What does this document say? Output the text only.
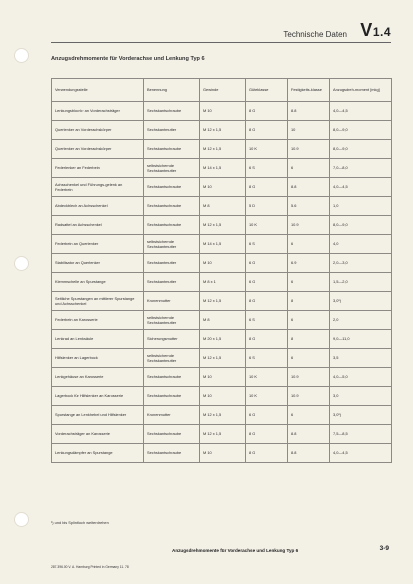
Technische Daten V1.4
Anzugsdrehmomente für Vorderachse und Lenkung Typ 6
Verwendungsstelle	Benennung	Gewinde	Güteklasse	Festigkeits-klasse	Anzugsdreh-moment [mkg]
Lenkungsbloc‹k› an Vorderachsträger	Sechskantschraube	M 10	8 G	8.8	4,0—4,5
Querlenker an Vorderachskörper	Sechskantmutter	M 12 x 1,5	8 G	10	8,0—9,0
Querlenker an Vorderachskörper	Sechskantschraube	M 12 x 1,5	10 K	10.9	8,0—9,0
Federlenker an Federbein	selbstsichernde Sechskantmutter	M 14 x 1,5	6 S	6	7,0—8,0
Achsschenkel und Führungs-gelenk an Federbein	Sechskantschraube	M 10	8 G	8.8	4,0—4,5
Abdeckblech an Achsschenkel	Sechskantschraube	M 8	5 D	5.6	1,0
Radsattel an Achsschenkel	Sechskantschraube	M 12 x 1,5	10 K	10.9	8,0—9,0
Federbein an Querlenker	selbstsichernde Sechskantmutter	M 14 x 1,5	6 S	6	4,0
Stabilisator an Querlenker	Sechskantmutter	M 10	6 G	6.9	2,0—3,0
Klemmschelle an Spurstange	Sechskantmutter	M 8 x 1	6 G	6	1,5—2,0
Seitliche Spurstangen an mittlerer Spurstange und Achsschenkel	Kronenmutter	M 12 x 1,5	8 G	8	3,0¹)
Federbein an Karosserie	selbstsichernde Sechskantmutter	M 8	6 S	6	2,0
Lenkrad an Lenksäule	Sicherungsmutter	M 20 x 1,5	8 G	8	9,0—11,0
Hilfslenker an Lagerbock	selbstsichernde Sechskantmutter	M 12 x 1,5	6 S	6	3,5
Lenkgehäuse an Karosserie	Sechskantschraube	M 10	10 K	10.9	4,0—5,0
Lagerbock für Hilfslenker an Karosserie	Sechskantschraube	M 10	10 K	10.9	3,0
Spurstange an Lenkhebel und Hilfslenker	Kronenmutter	M 12 x 1,5	6 G	6	3,0¹)
Vorderachsträger an Karosserie	Sechskantschraube	M 12 x 1,5	8 G	8.8	7,5—8,5
Lenkungsdämpfer an Spurstange	Sechskantschraube	M 10	8 G	8.8	4,0—4,5
¹) und bis Splintloch weiterdrehen
Anzugsdrehmomente für Vorderachse und Lenkung Typ 6	3-9
287.396.00 V. A. Hamburg Printed in Germany 11. 78
